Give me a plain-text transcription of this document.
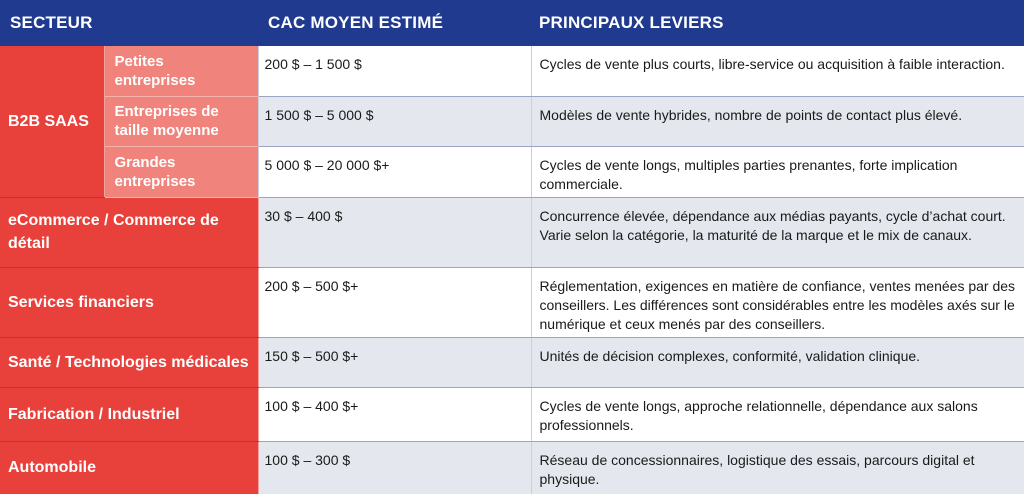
SECTEUR		CAC MOYEN ESTIMÉ	PRINCIPAUX LEVIERS
B2B SAAS	Petites entreprises	200 $ – 1 500 $	Cycles de vente plus courts, libre-service ou acquisition à faible interaction.
	Entreprises de taille moyenne	1 500 $ – 5 000 $	Modèles de vente hybrides, nombre de points de contact plus élevé.
	Grandes entreprises	5 000 $ – 20 000 $+	Cycles de vente longs, multiples parties prenantes, forte implication commerciale.
eCommerce / Commerce de détail		30 $ – 400 $	Concurrence élevée, dépendance aux médias payants, cycle d’achat court. Varie selon la catégorie, la maturité de la marque et le mix de canaux.
Services financiers		200 $ – 500 $+	Réglementation, exigences en matière de confiance, ventes menées par des conseillers. Les différences sont considérables entre les modèles axés sur le numérique et ceux menés par des conseillers.
Santé / Technologies médicales		150 $ – 500 $+	Unités de décision complexes, conformité, validation clinique.
Fabrication / Industriel		100 $ – 400 $+	Cycles de vente longs, approche relationnelle, dépendance aux salons professionnels.
Automobile		100 $ – 300 $	Réseau de concessionnaires, logistique des essais, parcours digital et physique.
